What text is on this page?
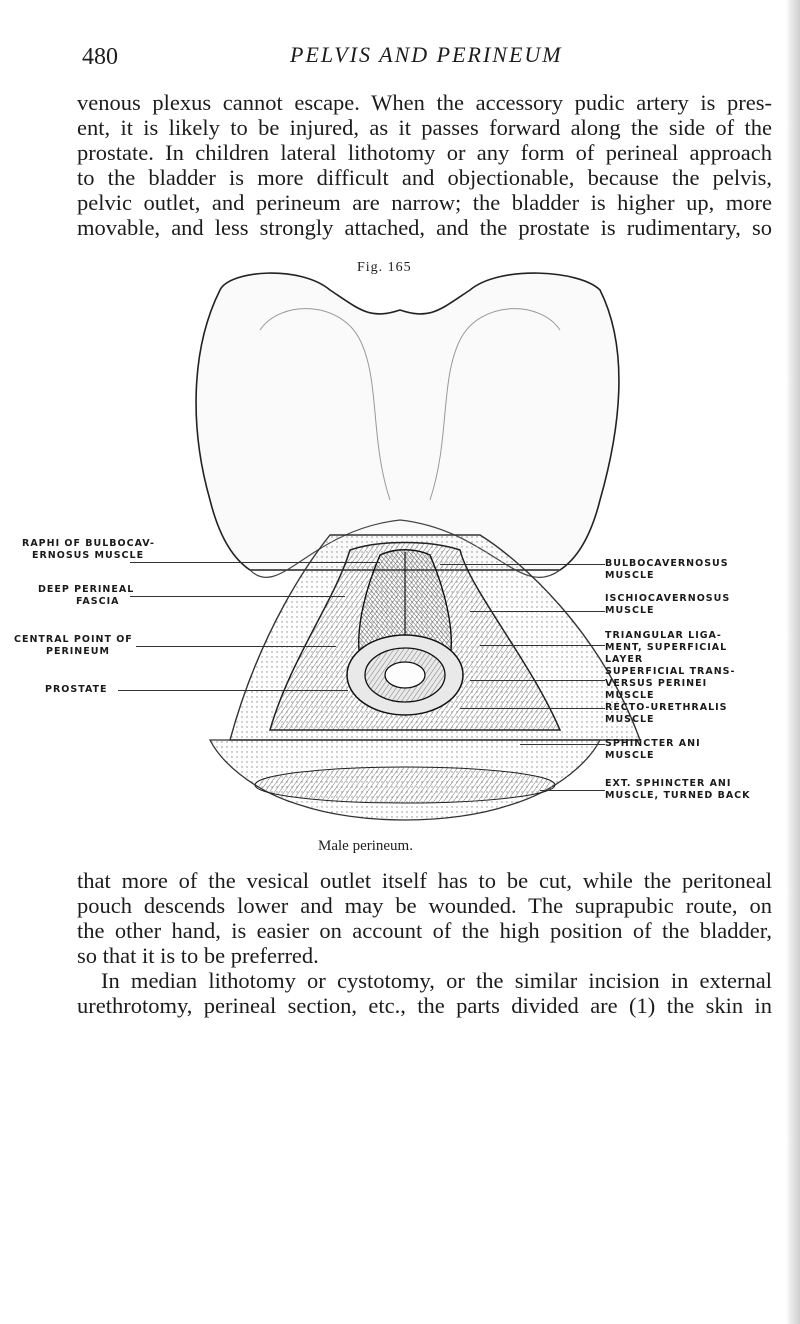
480	PELVIS AND PERINEUM

venous plexus cannot escape. When the accessory pudic artery is pres-
ent, it is likely to be injured, as it passes forward along the side of the
prostate. In children lateral lithotomy or any form of perineal approach
to the bladder is more difficult and objectionable, because the pelvis,
pelvic outlet, and perineum are narrow; the bladder is higher up, more
movable, and less strongly attached, and the prostate is rudimentary, so

Fig. 165
RAPHI OF BULBOCAV-
ERNOSUS MUSCLE
DEEP PERINEAL
FASCIA
CENTRAL POINT OF
PERINEUM
PROSTATE
BULBOCAVERNOSUS
MUSCLE
ISCHIOCAVERNOSUS
MUSCLE
TRIANGULAR LIGA-
MENT, SUPERFICIAL
LAYER
SUPERFICIAL TRANS-
VERSUS PERINEI
MUSCLE
RECTO-URETHRALIS
MUSCLE
SPHINCTER ANI
MUSCLE
EXT. SPHINCTER ANI
MUSCLE, TURNED BACK
Male perineum.

that more of the vesical outlet itself has to be cut, while the peritoneal
pouch descends lower and may be wounded. The suprapubic route, on
the other hand, is easier on account of the high position of the bladder,
so that it is to be preferred.

In median lithotomy or cystotomy, or the similar incision in external
urethrotomy, perineal section, etc., the parts divided are (1) the skin in
